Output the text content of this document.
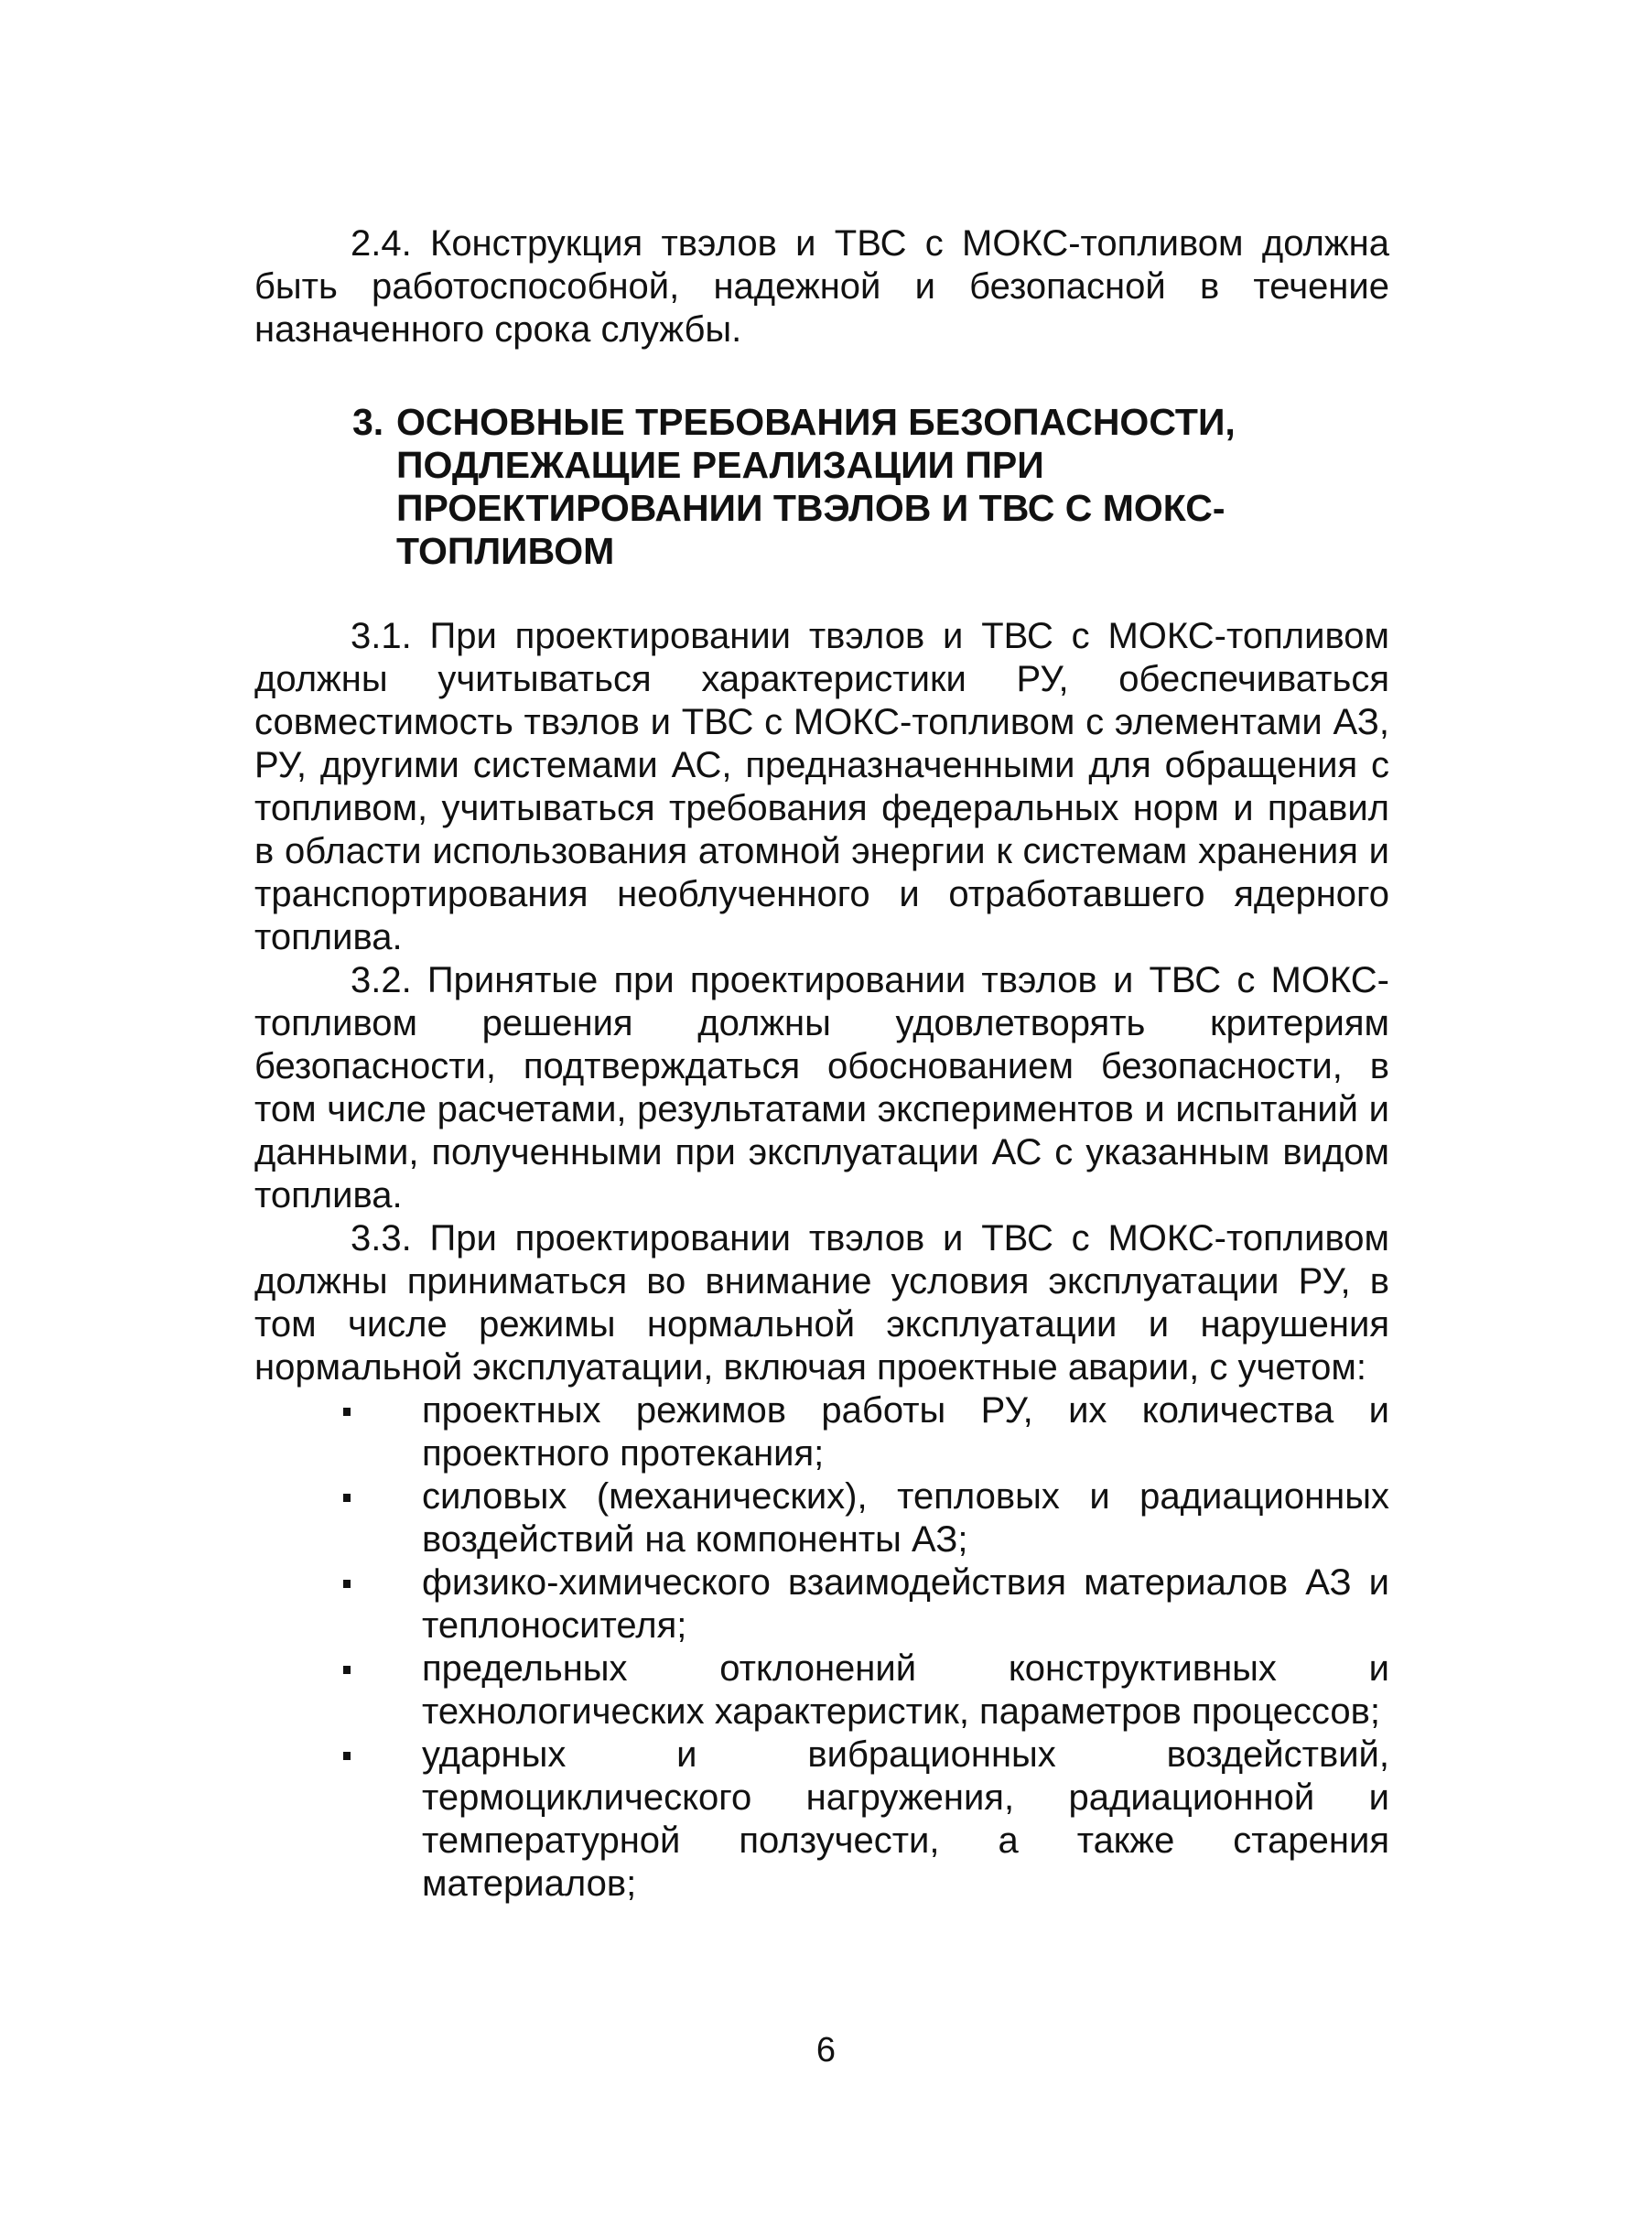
2.4. Конструкция твэлов и ТВС с МОКС-топливом должна быть работоспособной, надежной и безопасной в течение назначенного срока службы.

3. ОСНОВНЫЕ ТРЕБОВАНИЯ БЕЗОПАСНОСТИ, ПОДЛЕЖАЩИЕ РЕАЛИЗАЦИИ ПРИ ПРОЕКТИРОВАНИИ ТВЭЛОВ И ТВС С МОКС-ТОПЛИВОМ

3.1. При проектировании твэлов и ТВС с МОКС-топливом должны учитываться характеристики РУ, обеспечиваться совместимость твэлов и ТВС с МОКС-топливом с элементами АЗ, РУ, другими системами АС, предназначенными для обращения с топливом, учитываться требования федеральных норм и правил в области использования атомной энергии к системам хранения и транспортирования необлученного и отработавшего ядерного топлива.

3.2. Принятые при проектировании твэлов и ТВС с МОКС-топливом решения должны удовлетворять критериям безопасности, подтверждаться обоснованием безопасности, в том числе расчетами, результатами экспериментов и испытаний и данными, полученными при эксплуатации АС с указанным видом топлива.

3.3. При проектировании твэлов и ТВС с МОКС-топливом должны приниматься во внимание условия эксплуатации РУ, в том числе режимы нормальной эксплуатации и нарушения нормальной эксплуатации, включая проектные аварии, с учетом:

проектных режимов работы РУ, их количества и проектного протекания;
силовых (механических), тепловых и радиационных воздействий на компоненты АЗ;
физико-химического взаимодействия материалов АЗ и теплоносителя;
предельных отклонений конструктивных и технологических характеристик, параметров процессов;
ударных и вибрационных воздействий, термоциклического нагружения, радиационной и температурной ползучести, а также старения материалов;
6
